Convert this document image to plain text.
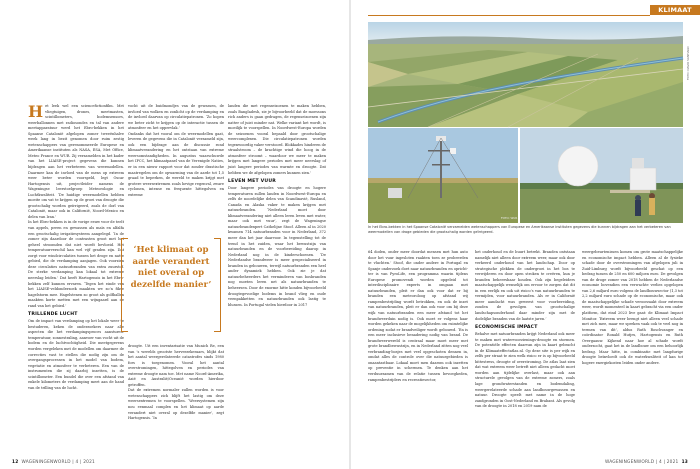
H et leek wel een sciencefictionfilm. Met vliegtuigen, drones, meetmasten, scintillometers, bodemsensors, weerballonnen met radiosondes en tal van andere meetapparatuur werd het Ebro-bekken in het Spaanse Catalonië afgelopen zomer tweeënhalve week lang in bezit genomen door ruim zestig wetenschappers van gerenommeerde Europese en Amerikaanse instituten als NASA, ESA, Met Office, Meteo France en WUR. Zij verzamelden in het kader van het LIAISE-project gegevens die kunnen bijdragen aan het verbeteren van weermodellen. Daarmee kan de invloed van de mens op extreem weer beter worden voorspeld, legt Oscar Hartogensis uit, projectleider namens de Wageningse leerstoelgroep Meteorologie en Luchtkwaliteit. ‘De huidige weermodellen hebben moeite om vat te krijgen op de groei van droogte die grootschalig worden geïrrigeerd, zoals de dorl van Catalonië, maar ook in Californië, Noord-Mexico en delen van Iran.’

In het Ebro-bekken is in de vorige eeuw voor de teelt van appels, peren en gewassen als maïs en alfalfa een grootschalig irrigatiesysteem aangelegd. ‘In de zomer zijn daardoor de contrasten groot met het geheel stroomden dat niet wordt bevloeid. Het temperatuurverschil kan wel vijf graden zijn. Dat zorgt voor windcirculaties tussen het droge en natte gebied, die de verdamping aanjagen. Ook voorzien deze circulaties natuurbranden van extra zuurstof. De sterke verdamping kan lokaal tot extreme neerslag leiden.’ Dat heeft Hartogensis in het Ebro-bekken zelf kunnen ervaren. ‘Tegen het einde van het LIAISE-veldonderzoek maakten we zo’n fikse hagelstorm mee. Hagelstenen zo groot als golfballen maakten korte metten met een wijngaard aan de rand van het gebied.’

TRILLENDE LUCHT

Om de impact van verdamping op het lokale weer te bestuderen, keken de onderzoekers naar alle aspecten die het verdampingsproces aansturen: temperatuur, zonnestraling, aanvoer van vocht uit de bodem en de luchtvochtigheid. Die meetgegevens worden vergeleken met de modellen om daarmee de correcties vast te stellen die nodig zijn om de overgangsprocessen in het model van bodem, vegetatie en atmosfeer te verbeteren. Een van de instrumenten die zij daarbij inzetten, is de scintillometer. Een bundel die over een afstand van enkele kilometers de verdamping meet aan de hand van de trilling van de lucht.

vocht uit de buidmondjes van de gewassen, de invloed van wolken en zonlicht op de verdamping en de invloed daarvan op circulatiepatronen. ‘Zo hopen we beter zicht te krijgen op de interactie tussen de atmosfeer en het oppervlak.’

Ondanks dat het vooral om de weermodellen gaat, leveren de gegevens die in Catalonië verzameld zijn, ook een bijdrage aan de discussie rond klimaatverandering en het ontstaan van extreme weersomstandigheden. In augustus waarschuwde het IPCC, het klimaatpanel van de Verenigde Naties, er in een nieuw rapport voor dat zonder drastische maatregelen om de opwarming van de aarde tot 1,5 graad te beperken, de wereld te maken krijgt met grotere weersextremen zoals hevige regenval, zware cyclonen, intense en frequente hittegolven en extreme

‘Het klimaat op aarde verandert niet overal op dezelfde manier’

droogte. Uit een inventarisatie van Munich Re, een van ’s werelds grootste herverzekeraars, blijkt dat het aantal weergerelateerde catastrofes sinds 1980 fors is toegenomen. Vooral het aantal overstromingen, hittegolven en periodes van extreme droogte nam toe. Met name Noord-Amerika, Azië en Australië/Oceanië worden hierdoor getroffen.

Dat de extremen normaler zullen worden is voor wetenschappers zich blijft het lastig om deze weersextremen te voorspellen. ‘Weersystemen zijn nou eenmaal complex en het klimaat op aarde verandert niet overal op dezelfde manier’, zegt Hartogensis. ‘In

landen die met regenseizoenen te maken hebben, zoals Bangladesh, zie je bijvoorbeeld dat de moessons rich anders is gaan gedragen, de regenseizoenen zijn natter of juist minder nat. Welke variant het wordt, is moeilijk te voorspellen. In Noordwest-Europa worden de seizoenen vooral bepaald door grootschalige weercomplexen. Die circulatiepatronen worden tegenwoordig vaker verstoord. Blokkades hinderen de straalstroom – de krachtige wind die hoog in de atmosfeer stroomt – waardoor we meer te maken krijgen met langere periodes met meer neerslag of juist langere periodes van warmte en droogte. Dat hebben we de afgelopen zomers kunnen zien.’

LEVEN MET VUUR

Door langere periodes van droogte en hogere temperaturen zullen landen in Noordwest-Europa en zelfs de noordelijke delen van Scandinavië, Rusland, Canada en Alaska vaker te maken krijgen met natuurbranden. ‘Nederland moet door klimaatverandering niet alleen leren leven met water, maar ook met vuur’, zegt de Wageningse natuurbrandexpert Cathelijne Stoof. Alleen al in 2020 kwamen 714 natuurbranden voor in Nederland, 372 meer dan het jaar daarvoor. In tegenstelling tot de trend in het zuiden, waar het bewustzijn van natuurbranden en de voorbereiding daarop in Nederland nog in de kinderschoenen. ‘De Nederlandse brandweer is meer gespecialiseerd in branden in gebouwen, terwijl natuurbranden een heel ander dynamiek hebben. Ook zie je dat natuurbeheerders het verminderen van bosbranden nog moeten leren net als natuurbranden te beheersen. Door de enorme hitte konden bijvoorbeeld droogtegevoelige bodems in brand vlieg en oude veenpakketten en natuurbranden ook lastig te blussen. In Portugal vielen hierdoor in 2017

12 WAGENINGENWORLD | 4 | 2021
KLIMAAT
FOTO: DAVID SANTIAGO
FOTO: WUR
In het Ebro-bekken in het Spaanse Catalonië verzamelden wetenschappers van Europese en Amerikaanse instituten gegevens die kunnen bijdragen aan het verbeteren van weermodellen van droge gebieden die grootschalig worden geïrrigeerd.

64 doden, onder meer doordat mensen met hun auto door het vuur ingesloten raakten toen ze probeerden te vluchten.’ Stoof, die onder andere in Portugal en Spanje onderzoek doet naar natuurbranden en oprichtter is van PyroLife, een programma waarin tijdens Europese promovendi worden opgeleid tot interdisciplinaire experts in omgaan met natuurbranden, pleit er dan ook voor dat er bij branden een meteoroloog op afstand wij rampenbestrijding wordt betrokken, en ook de inzet van natuurbranden, pleit er dan ook voor om bij deze wijk van natuurbranden een meer afstand tot het brandweerduin nodig is. Ook moet er volgens haar worden gekeken naar de mogelijkheden om ruimtelijke ordening zodat er brandveiliger wordt gebouwd. ‘En is een meer inclusieve benadering nodig van brand. De brandweerwereld is centraal maar moet meer met grote brandbewustzijn, en in Nederland zitten nog veel verbranding-bosjes met veel opgeschoten dennen in, omdat alles de controle over die natuurgebieden is onaantastbaar. Lokaal moet men daarom ook inzetten op preventie in schermen. Te denken aan het verduurzamen van de relatie tussen bevoegheden, rampenbestrijders en recreatiesector,

het onderhoud en de buurt betrekt. Branden ontstaan namelijk niet alleen door extreem weer, maar ook door verkeerd onderhoud van het landschap. Door op strategische plekken de ondergroei in het bos te verwijderen en door open stroken te creëren, kun je branden beheersbaar houden. Ook zijn begeleiders maatschappelijk wenselijk om ervoor te zorgen dat dit in een eerlijk en ook uit risico’s van natuurbranden te vermijden, voor natuurbranden. Als er in Californië meer aandacht was geweest voor voorbereiding, zouden de gevolgen van grootschalige landschapsonderhoud daar minder zijn met de dodelijke branden van de laatste jaren.’

ECONOMISCHE IMPACT

Behalve met natuurbranden krijgt Nederland ook meer te maken met watervoorzienings-droogte en stormen. De potentiële effecten daarvan zijn in kaart gebracht in de Klimaateffectatlas.nl. Op deze site is per wijk en zelfs per straat te zien welk risico er is op bijvoorbeeld hittestress, droogte of overstroming. De atlas laat zien dat wat extreem weer betreft niet alleen gedacht moet worden aan tijdelijke overlast, maar ook aan structurele gevolgen van de extreme zomers, zoals lage grondwaterstanden en bodemdaling, weergerelateerde schade aan landbouwgewassen en natuur. Droogte speelt met name in de hoge zandgronden in Oost-Nederland en Brabant. Als gevolg van de droogte in 2018 en 2019 nam de

weergebeurtenissen komen om grote maatschappelijke en economische impact hebben. Alleen al de fysieke schade door de overstromingen van afgelopen juli in Zuid-Limburg wordt bijvoorbeeld geschat op een bedrag tussen de 250 en 600 miljoen euro. De gevolgen van de droge zomer van 2018 hebben de Nederlandse economie bovendien een verwachte verlies opgelopen van 2,6 miljard euro volgens de landbouwsector (1,3 tot 2,2 miljard euro schade op de economische, maar ook de maatschappelijke schade veroorzaakt door extreem weer, wordt momenteel in kaart gebracht via een onder platform, dat eind 2023 live gaat: de Klimaat Impact Monitor. ‘Extreem weer brengt niet alleen veel schade met zich mee, maar we spreken vaak ook te veel nog in termen van dit’, aldus Ruth Roschvanger en coördinator Ronald Hutjes, Hartogensis en Ruth Overgaauw. Kijkend naar hoe al schade wordt onderzocht, gaat het in de landbouw om een behoorlijk bedrag. Maar hitte, in combinatie met langdurige droogte beïnvloedt ook de waterkwaliteit of kan tot hogere energiekosten leiden onder andere.

WAGENINGENWORLD | 4 | 2021 13
